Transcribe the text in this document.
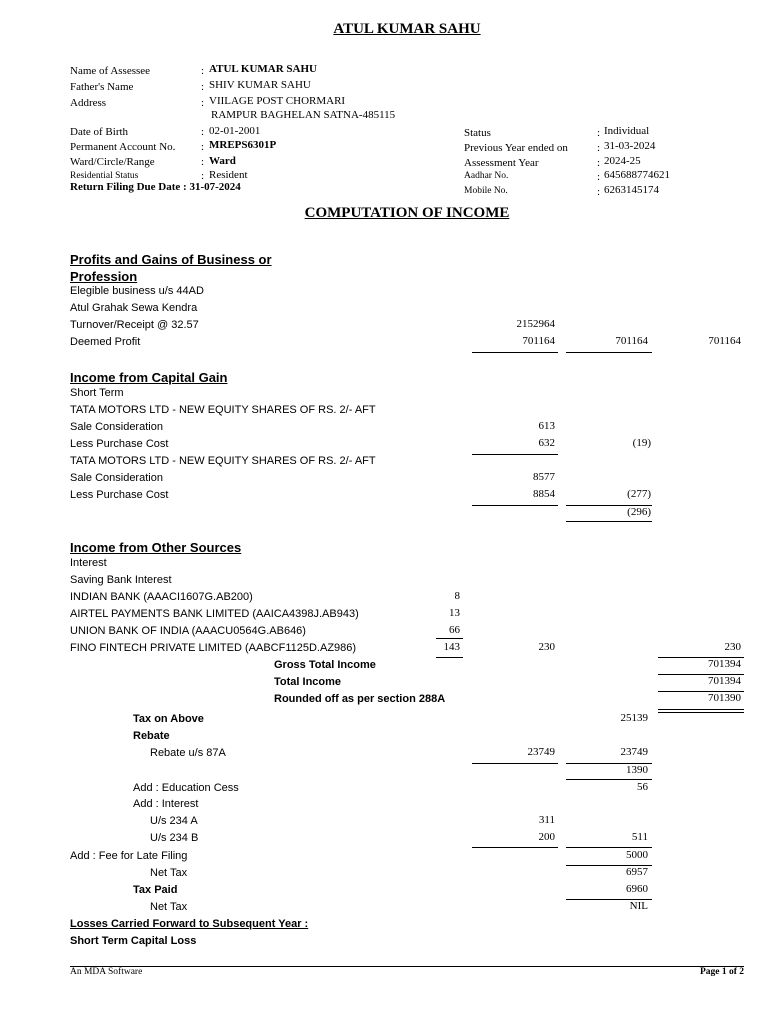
ATUL KUMAR SAHU
Name of Assessee	: ATUL KUMAR SAHU
Father's Name	: SHIV KUMAR SAHU
Address	: VIILAGE POST CHORMARI
RAMPUR BAGHELAN SATNA-485115
Date of Birth	: 02-01-2001
Permanent Account No. : MREPS6301P
Ward/Circle/Range	: Ward
Residential Status	: Resident
Return Filing Due Date : 31-07-2024
Status	: Individual
Previous Year ended on	: 31-03-2024
Assessment Year	: 2024-25
Aadhar No.	: 645688774621
Mobile No.	: 6263145174
COMPUTATION OF INCOME
Profits and Gains of Business or
Profession
Elegible business u/s 44AD
Atul Grahak Sewa Kendra
Turnover/Receipt @ 32.57	2152964
Deemed Profit	701164	701164	701164
Income from Capital Gain
Short Term
TATA MOTORS LTD - NEW EQUITY SHARES OF RS. 2/- AFT
Sale Consideration	613
Less Purchase Cost	632	(19)
TATA MOTORS LTD - NEW EQUITY SHARES OF RS. 2/- AFT
Sale Consideration	8577
Less Purchase Cost	8854	(277)
(296)
Income from Other Sources
Interest
Saving Bank Interest
INDIAN BANK (AAACI1607G.AB200)	8
AIRTEL PAYMENTS BANK LIMITED (AAICA4398J.AB943)	13
UNION BANK OF INDIA (AAACU0564G.AB646)	66
FINO FINTECH PRIVATE LIMITED (AABCF1125D.AZ986)	143	230	230
Gross Total Income	701394
Total Income	701394
Rounded off as per section 288A	701390
Tax on Above	25139
Rebate
Rebate u/s 87A	23749	23749
1390
Add : Education Cess	56
Add : Interest
U/s 234 A	311
U/s 234 B	200	511
Add : Fee for Late Filing	5000
Net Tax	6957
Tax Paid	6960
Net Tax	NIL
Losses Carried Forward to Subsequent Year :
Short Term Capital Loss
An MDA Software	Page 1 of 2
